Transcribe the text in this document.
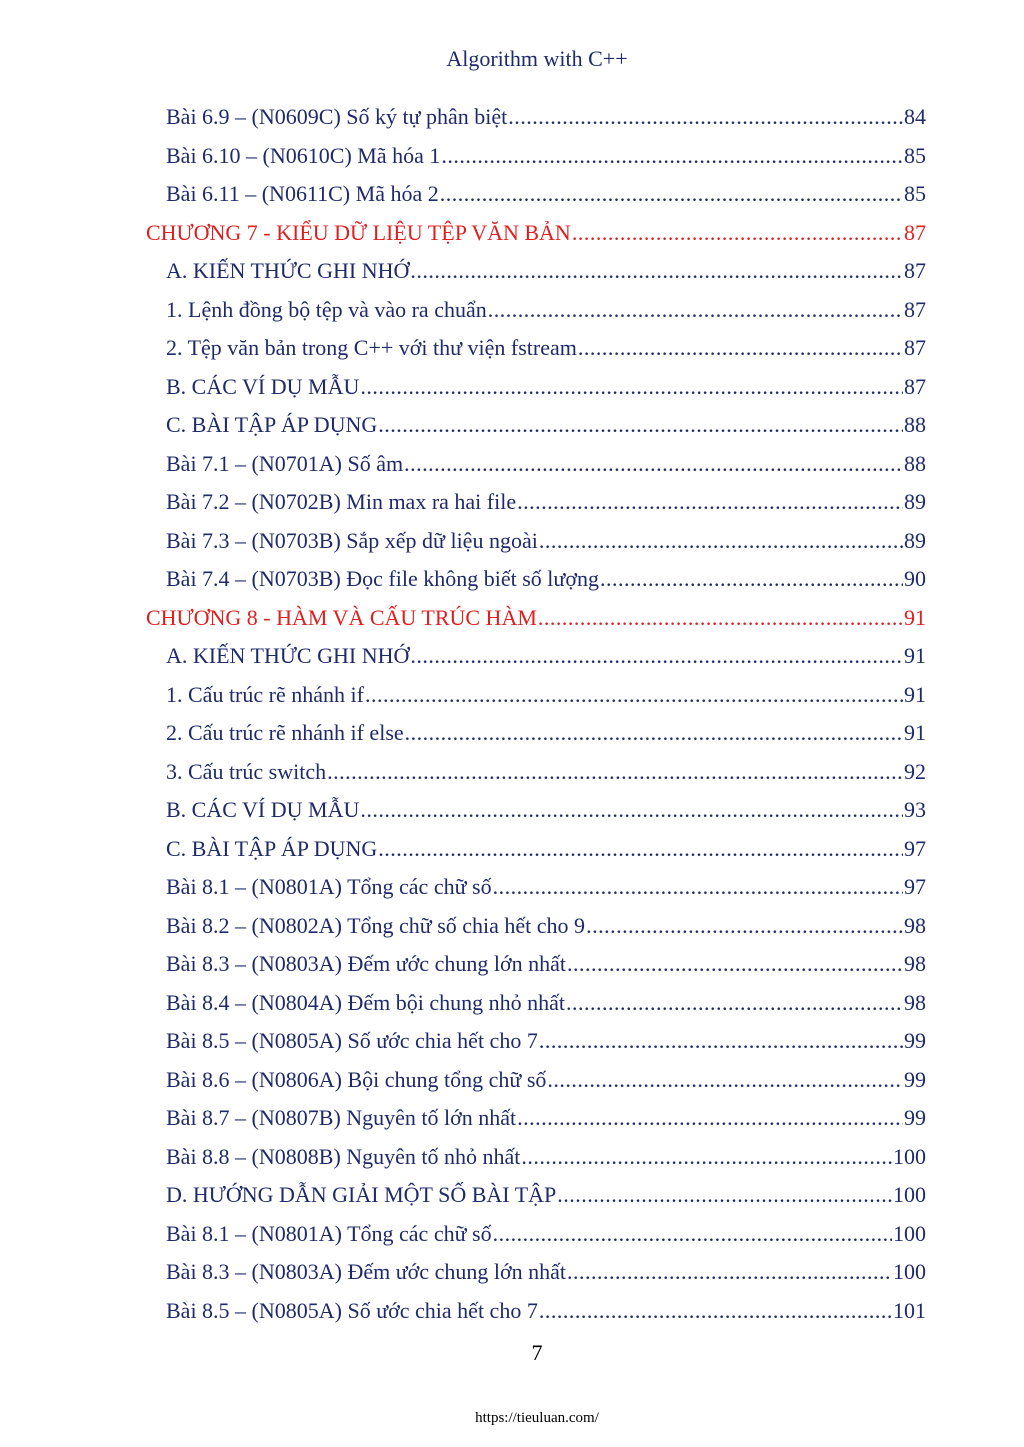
Algorithm with C++
Bài 6.9 – (N0609C) Số ký tự phân biệt .....	84
Bài 6.10 – (N0610C) Mã hóa 1 .....	85
Bài 6.11 – (N0611C) Mã hóa 2 .....	85
CHƯƠNG 7 - KIỂU DỮ LIỆU TỆP VĂN BẢN .....	87
A. KIẾN THỨC GHI NHỚ .....	87
1. Lệnh đồng bộ tệp và vào ra chuẩn .....	87
2. Tệp văn bản trong C++ với thư viện fstream .....	87
B. CÁC VÍ DỤ MẪU .....	87
C. BÀI TẬP ÁP DỤNG .....	88
Bài 7.1 – (N0701A) Số âm .....	88
Bài 7.2 – (N0702B) Min max ra hai file .....	89
Bài 7.3 – (N0703B) Sắp xếp dữ liệu ngoài .....	89
Bài 7.4 – (N0703B) Đọc file không biết số lượng .....	90
CHƯƠNG 8 - HÀM VÀ CẤU TRÚC HÀM .....	91
A. KIẾN THỨC GHI NHỚ .....	91
1. Cấu trúc rẽ nhánh if .....	91
2. Cấu trúc rẽ nhánh if else .....	91
3. Cấu trúc switch .....	92
B. CÁC VÍ DỤ MẪU .....	93
C. BÀI TẬP ÁP DỤNG .....	97
Bài 8.1 – (N0801A) Tổng các chữ số .....	97
Bài 8.2 – (N0802A) Tổng chữ số chia hết cho 9 .....	98
Bài 8.3 – (N0803A) Đếm ước chung lớn nhất .....	98
Bài 8.4 – (N0804A) Đếm bội chung nhỏ nhất .....	98
Bài 8.5 – (N0805A) Số ước chia hết cho 7 .....	99
Bài 8.6 – (N0806A) Bội chung tổng chữ số .....	99
Bài 8.7 – (N0807B) Nguyên tố lớn nhất .....	99
Bài 8.8 – (N0808B) Nguyên tố nhỏ nhất .....	100
D. HƯỚNG DẪN GIẢI MỘT SỐ BÀI TẬP .....	100
Bài 8.1 – (N0801A) Tổng các chữ số .....	100
Bài 8.3 – (N0803A) Đếm ước chung lớn nhất .....	100
Bài 8.5 – (N0805A) Số ước chia hết cho 7 .....	101
7
https://tieuluan.com/
